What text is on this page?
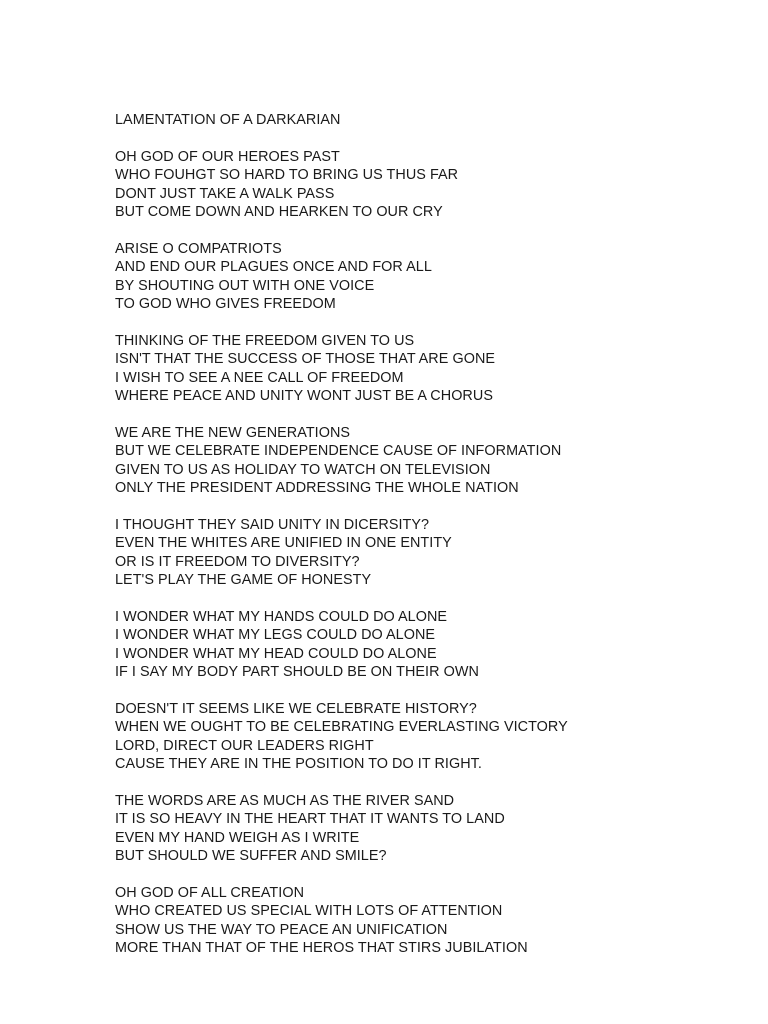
LAMENTATION OF A DARKARIAN
OH GOD OF OUR HEROES PAST
WHO FOUHGT SO HARD TO BRING US THUS FAR
DONT JUST TAKE A WALK PASS
BUT COME DOWN AND HEARKEN TO OUR CRY
ARISE O COMPATRIOTS
AND END OUR PLAGUES ONCE AND FOR ALL
BY SHOUTING OUT WITH ONE VOICE
TO GOD WHO GIVES FREEDOM
THINKING OF THE FREEDOM GIVEN TO US
ISN'T THAT THE SUCCESS OF THOSE THAT ARE GONE
I WISH TO SEE A NEE CALL OF FREEDOM
WHERE PEACE AND UNITY WONT JUST BE A CHORUS
WE ARE THE NEW GENERATIONS
BUT WE CELEBRATE INDEPENDENCE CAUSE OF INFORMATION
GIVEN TO US AS HOLIDAY TO WATCH ON TELEVISION
ONLY THE PRESIDENT ADDRESSING THE WHOLE NATION
I THOUGHT THEY SAID UNITY IN DICERSITY?
EVEN THE WHITES ARE UNIFIED IN ONE ENTITY
OR IS IT FREEDOM TO DIVERSITY?
LET'S PLAY THE GAME OF HONESTY
I WONDER WHAT MY HANDS COULD DO ALONE
I WONDER WHAT MY LEGS COULD DO ALONE
I WONDER WHAT MY HEAD COULD DO ALONE
IF I SAY MY BODY PART SHOULD BE ON THEIR OWN
DOESN'T IT SEEMS LIKE WE CELEBRATE HISTORY?
WHEN WE OUGHT TO BE CELEBRATING EVERLASTING VICTORY
LORD, DIRECT OUR LEADERS RIGHT
CAUSE THEY ARE IN THE POSITION TO DO IT RIGHT.
THE WORDS ARE AS MUCH AS THE RIVER SAND
IT IS SO HEAVY IN THE HEART THAT IT WANTS TO LAND
EVEN MY HAND WEIGH AS I WRITE
BUT SHOULD WE SUFFER AND SMILE?
OH GOD OF ALL CREATION
WHO CREATED US SPECIAL WITH LOTS OF ATTENTION
SHOW US THE WAY TO PEACE AN UNIFICATION
MORE THAN THAT OF THE HEROS THAT STIRS JUBILATION
